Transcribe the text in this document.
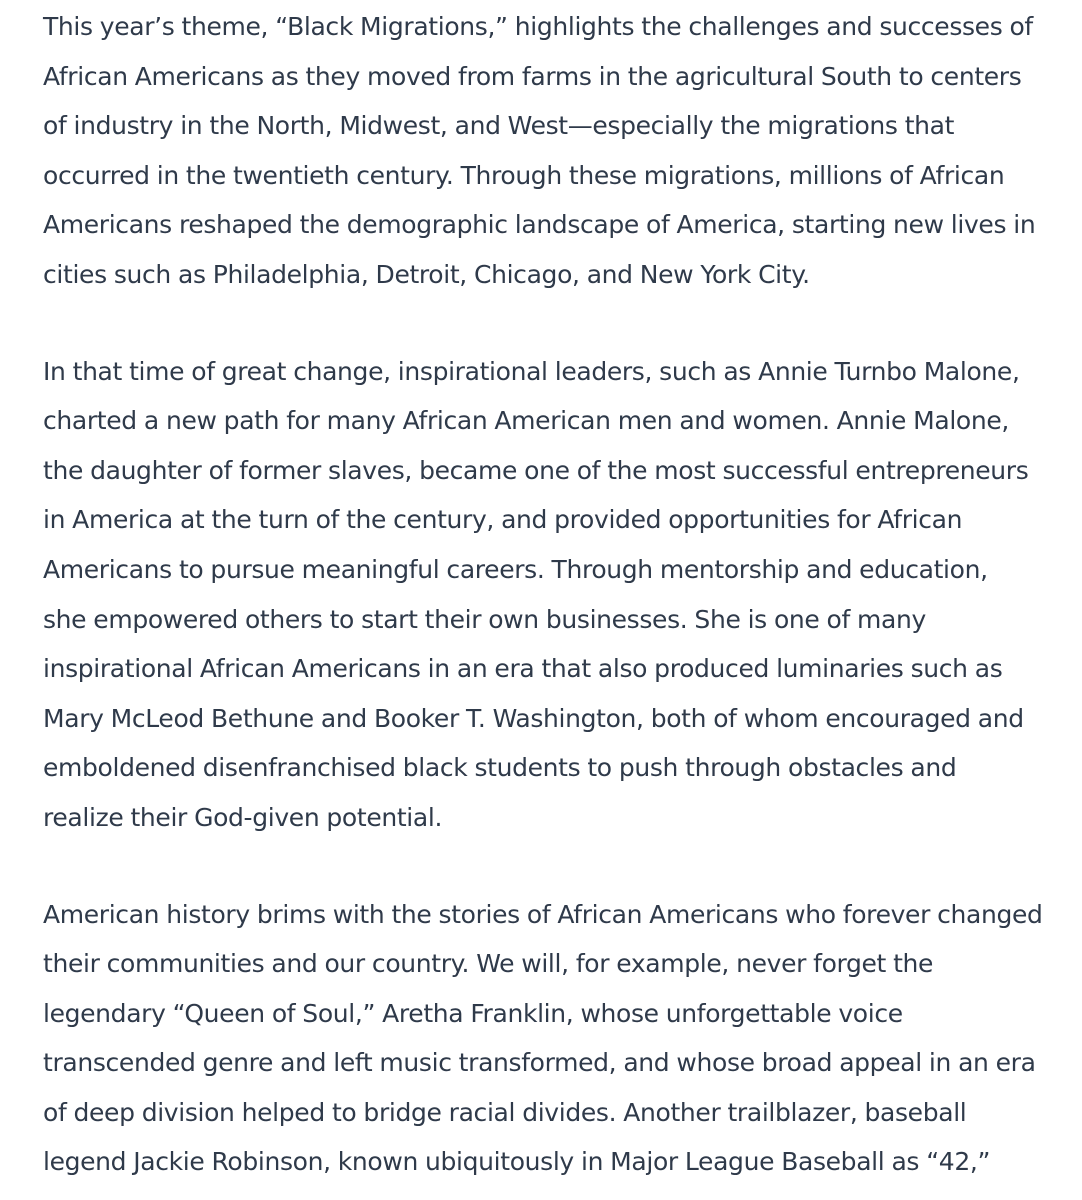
This year’s theme, “Black Migrations,” highlights the challenges and successes of
African Americans as they moved from farms in the agricultural South to centers
of industry in the North, Midwest, and West—especially the migrations that
occurred in the twentieth century. Through these migrations, millions of African
Americans reshaped the demographic landscape of America, starting new lives in
cities such as Philadelphia, Detroit, Chicago, and New York City.

In that time of great change, inspirational leaders, such as Annie Turnbo Malone,
charted a new path for many African American men and women. Annie Malone,
the daughter of former slaves, became one of the most successful entrepreneurs
in America at the turn of the century, and provided opportunities for African
Americans to pursue meaningful careers. Through mentorship and education,
she empowered others to start their own businesses. She is one of many
inspirational African Americans in an era that also produced luminaries such as
Mary McLeod Bethune and Booker T. Washington, both of whom encouraged and
emboldened disenfranchised black students to push through obstacles and
realize their God-given potential.

American history brims with the stories of African Americans who forever changed
their communities and our country. We will, for example, never forget the
legendary “Queen of Soul,” Aretha Franklin, whose unforgettable voice
transcended genre and left music transformed, and whose broad appeal in an era
of deep division helped to bridge racial divides. Another trailblazer, baseball
legend Jackie Robinson, known ubiquitously in Major League Baseball as “42,”
